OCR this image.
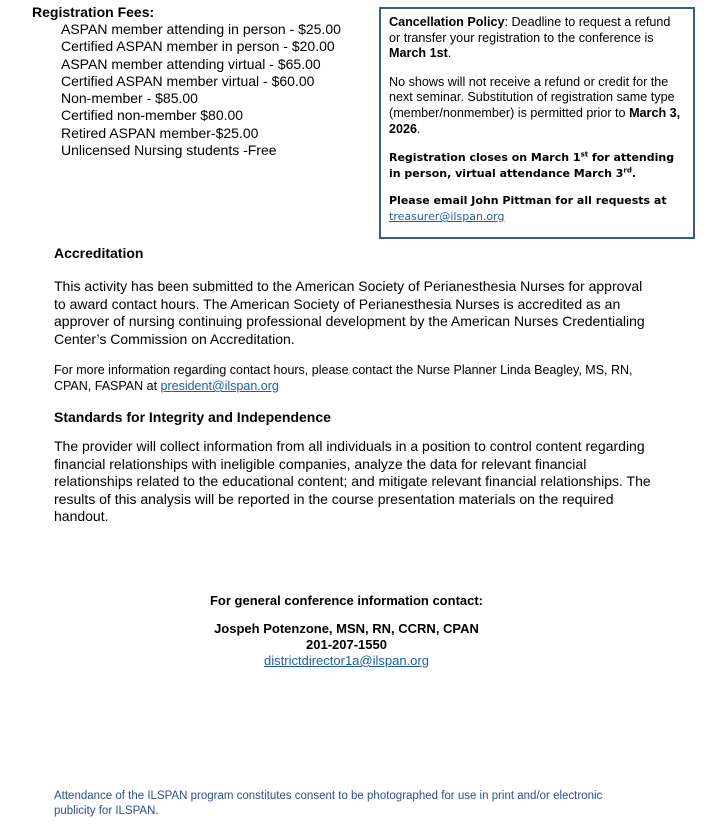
Registration Fees:
ASPAN member attending in person - $25.00
Certified ASPAN member in person - $20.00
ASPAN member attending virtual - $65.00
Certified ASPAN member virtual - $60.00
Non-member - $85.00
Certified non-member $80.00
Retired ASPAN member-$25.00
Unlicensed Nursing students -Free

Cancellation Policy: Deadline to request a refund or transfer your registration to the conference is March 1st.

No shows will not receive a refund or credit for the next seminar. Substitution of registration same type (member/nonmember) is permitted prior to March 3, 2026.

Registration closes on March 1st for attending in person, virtual attendance March 3rd.

Please email John Pittman for all requests at treasurer@ilspan.org

Accreditation

This activity has been submitted to the American Society of Perianesthesia Nurses for approval to award contact hours. The American Society of Perianesthesia Nurses is accredited as an approver of nursing continuing professional development by the American Nurses Credentialing Center’s Commission on Accreditation.

For more information regarding contact hours, please contact the Nurse Planner Linda Beagley, MS, RN, CPAN, FASPAN at president@ilspan.org

Standards for Integrity and Independence

The provider will collect information from all individuals in a position to control content regarding financial relationships with ineligible companies, analyze the data for relevant financial relationships related to the educational content; and mitigate relevant financial relationships. The results of this analysis will be reported in the course presentation materials on the required handout.

For general conference information contact:
Jospeh Potenzone, MSN, RN, CCRN, CPAN
201-207-1550
districtdirector1a@ilspan.org
Attendance of the ILSPAN program constitutes consent to be photographed for use in print and/or electronic publicity for ILSPAN.
